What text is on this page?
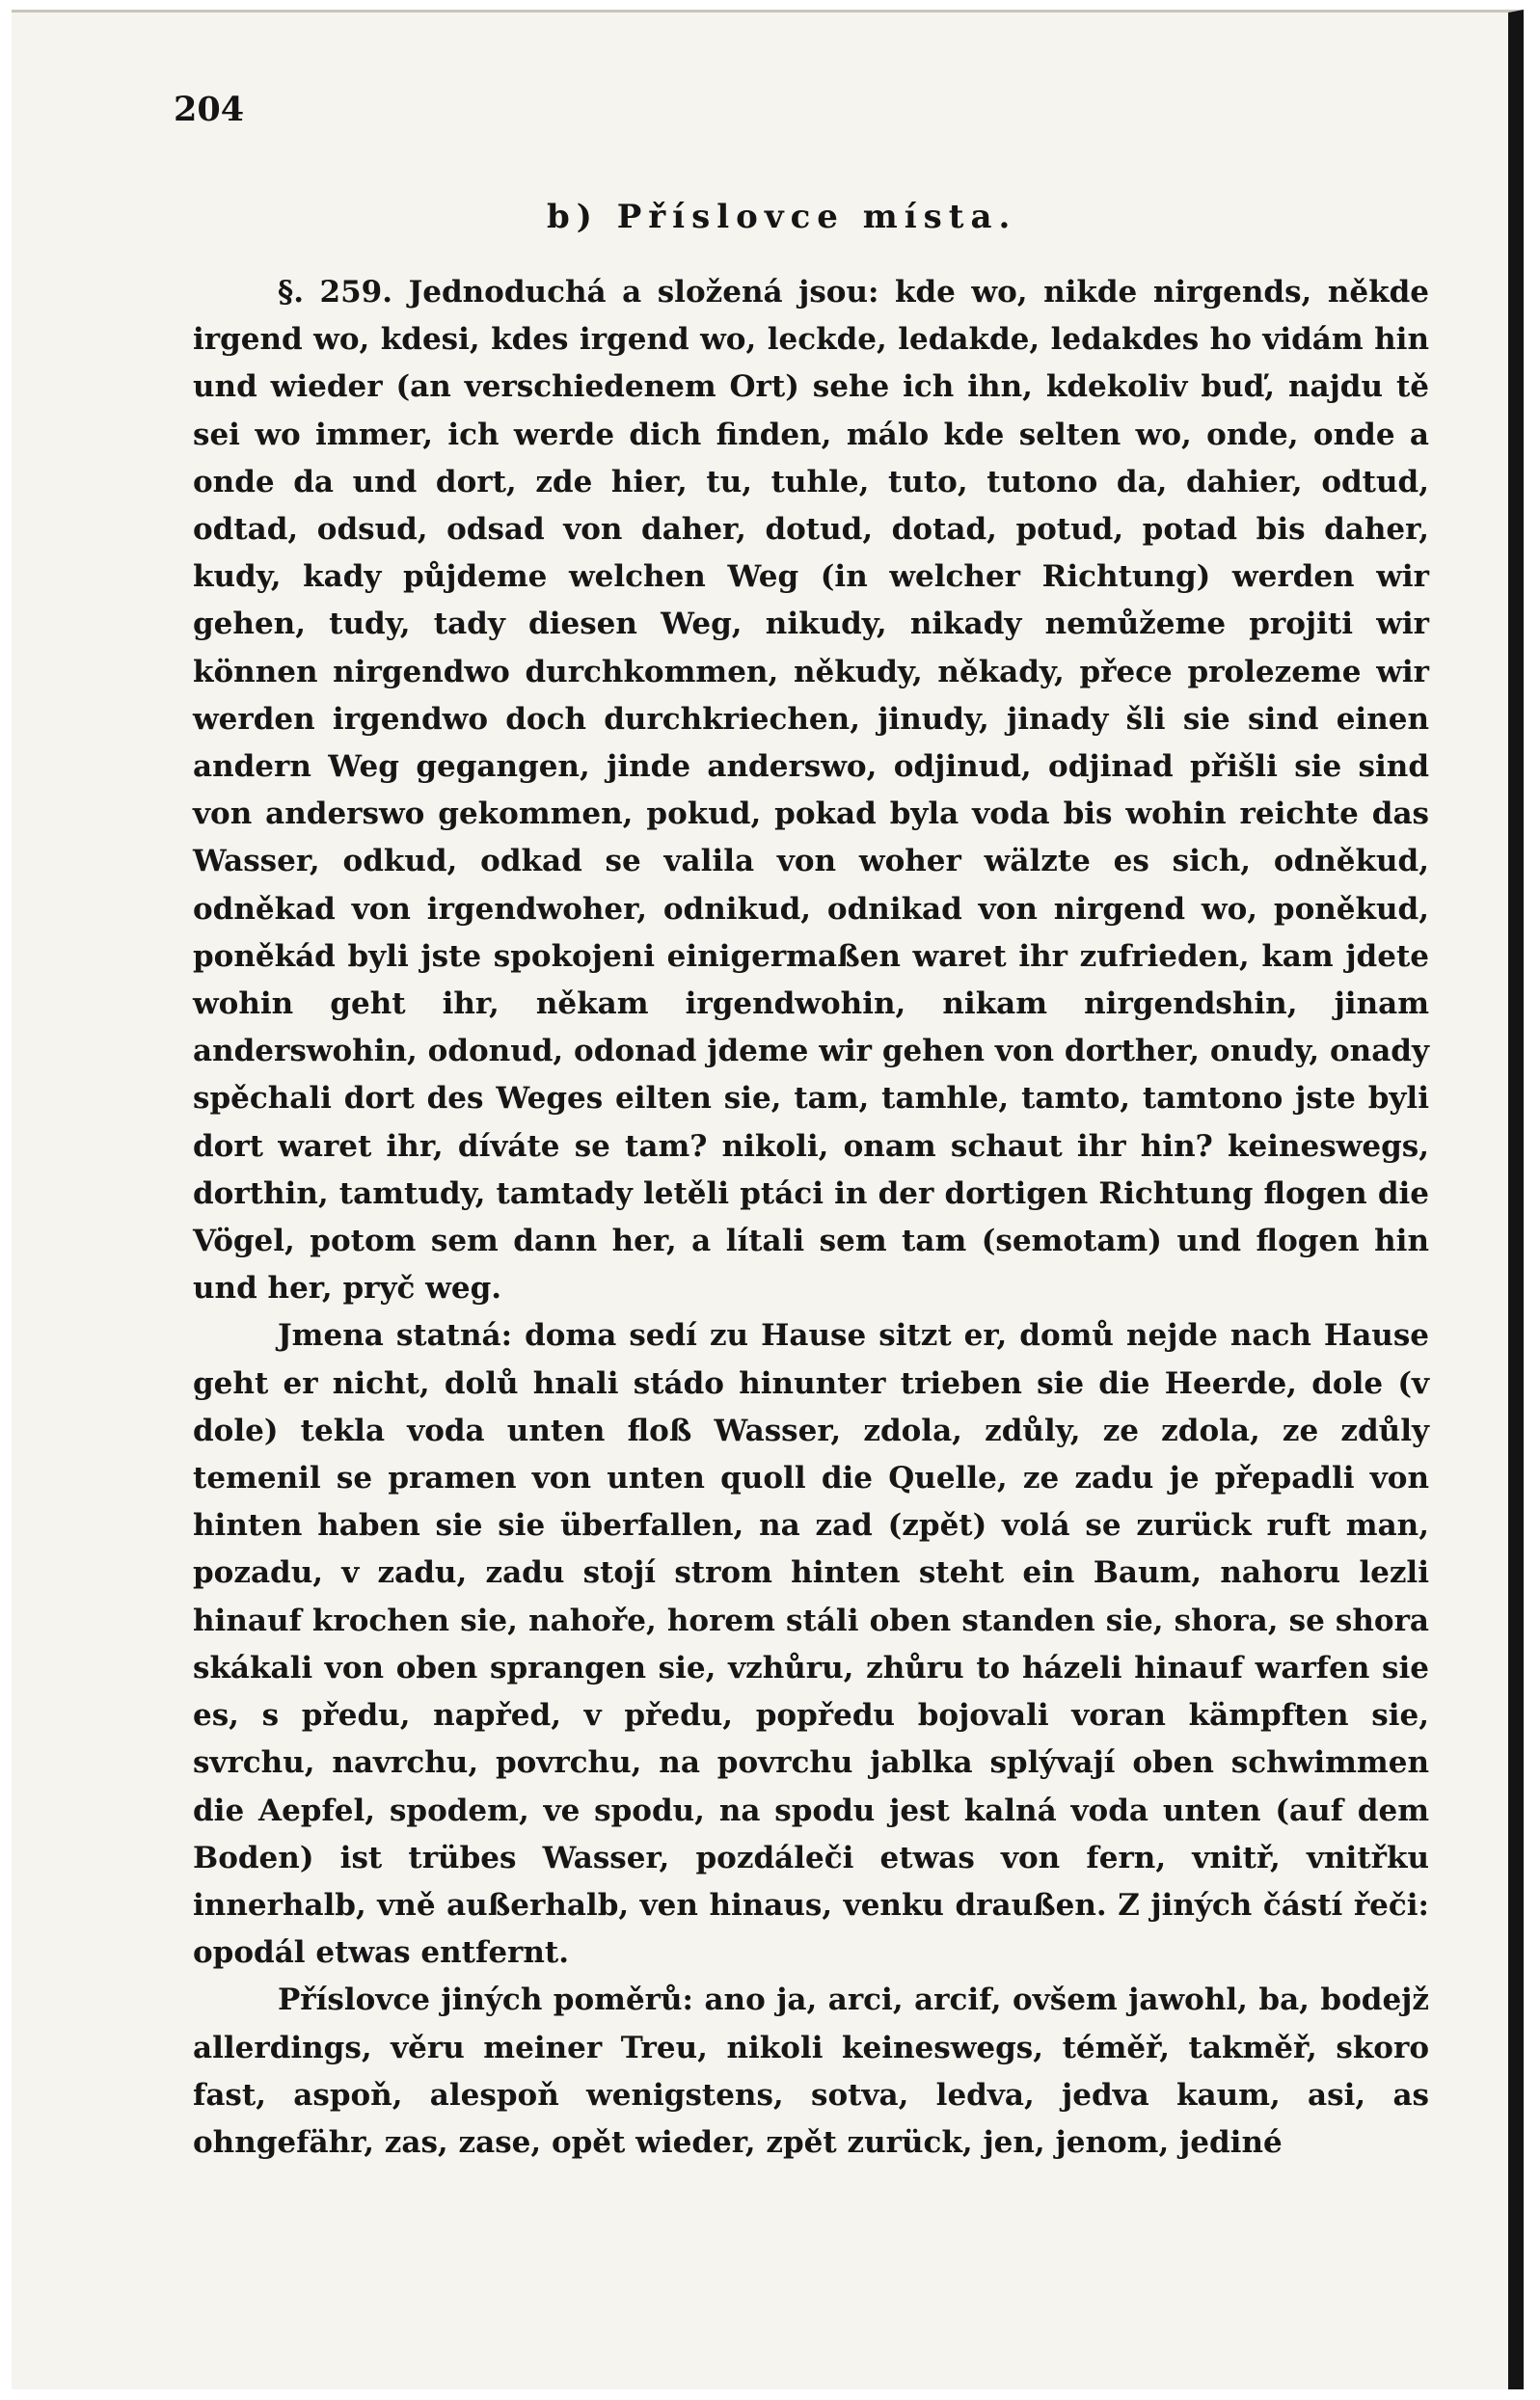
204
b) Příslovce místa.

§. 259. Jednoduchá a složená jsou: kde wo, nikde nirgends, někde irgend wo, kdesi, kdes irgend wo, leckde, ledakde, ledakdes ho vidám hin und wieder (an verschiedenem Ort) sehe ich ihn, kdekoliv buď, najdu tě sei wo immer, ich werde dich finden, málo kde selten wo, onde, onde a onde da und dort, zde hier, tu, tuhle, tuto, tutono da, dahier, odtud, odtad, odsud, odsad von daher, dotud, dotad, potud, potad bis daher, kudy, kady půjdeme welchen Weg (in welcher Richtung) werden wir gehen, tudy, tady diesen Weg, nikudy, nikady nemůžeme projiti wir können nirgendwo durchkommen, někudy, někady, přece prolezeme wir werden irgendwo doch durchkriechen, jinudy, jinady šli sie sind einen andern Weg gegangen, jinde anderswo, odjinud, odjinad přišli sie sind von anderswo gekommen, pokud, pokad byla voda bis wohin reichte das Wasser, odkud, odkad se valila von woher wälzte es sich, odněkud, odněkad von irgendwoher, odnikud, odnikad von nirgend wo, poněkud, poněkád byli jste spokojeni einigermaßen waret ihr zufrieden, kam jdete wohin geht ihr, někam irgendwohin, nikam nirgendshin, jinam anderswohin, odonud, odonad jdeme wir gehen von dorther, onudy, onady spěchali dort des Weges eilten sie, tam, tamhle, tamto, tamtono jste byli dort waret ihr, díváte se tam? nikoli, onam schaut ihr hin? keineswegs, dorthin, tamtudy, tamtady letěli ptáci in der dortigen Richtung flogen die Vögel, potom sem dann her, a lítali sem tam (semotam) und flogen hin und her, pryč weg.

Jmena statná: doma sedí zu Hause sitzt er, domů nejde nach Hause geht er nicht, dolů hnali stádo hinunter trieben sie die Heerde, dole (v dole) tekla voda unten floß Wasser, zdola, zdůly, ze zdola, ze zdůly temenil se pramen von unten quoll die Quelle, ze zadu je přepadli von hinten haben sie sie überfallen, na zad (zpět) volá se zurück ruft man, pozadu, v zadu, zadu stojí strom hinten steht ein Baum, nahoru lezli hinauf krochen sie, nahoře, horem stáli oben standen sie, shora, se shora skákali von oben sprangen sie, vzhůru, zhůru to házeli hinauf warfen sie es, s předu, napřed, v předu, popředu bojovali voran kämpften sie, svrchu, navrchu, povrchu, na povrchu jablka splývají oben schwimmen die Aepfel, spodem, ve spodu, na spodu jest kalná voda unten (auf dem Boden) ist trübes Wasser, pozdáleči etwas von fern, vnitř, vnitřku innerhalb, vně außerhalb, ven hinaus, venku draußen. Z jiných částí řeči: opodál etwas entfernt.

Příslovce jiných poměrů: ano ja, arci, arcif, ovšem jawohl, ba, bodejž allerdings, věru meiner Treu, nikoli keineswegs, téměř, takměř, skoro fast, aspoň, alespoň wenigstens, sotva, ledva, jedva kaum, asi, as ohngefähr, zas, zase, opět wieder, zpět zurück, jen, jenom, jediné
